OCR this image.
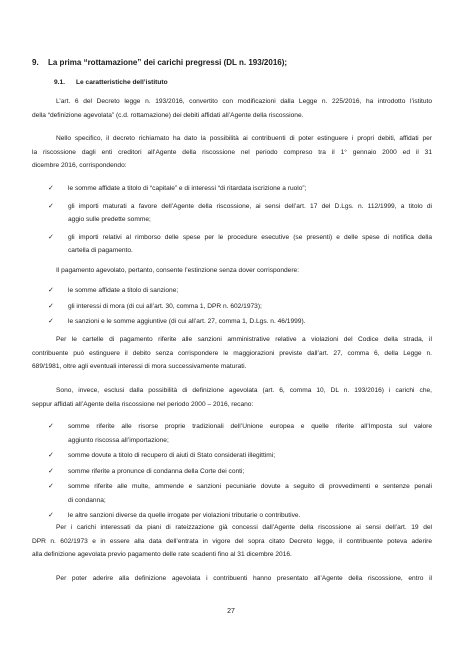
9. La prima “rottamazione” dei carichi pregressi (DL n. 193/2016);
9.1. Le caratteristiche dell’istituto
L’art. 6 del Decreto legge n. 193/2016, convertito con modificazioni dalla Legge n. 225/2016, ha introdotto l’istituto
della “definizione agevolata” (c.d. rottamazione) dei debiti affidati all’Agente della riscossione.
Nello specifico, il decreto richiamato ha dato la possibilità ai contribuenti di poter estinguere i propri debiti, affidati per
la riscossione dagli enti creditori all’Agente della riscossione nel periodo compreso tra il 1° gennaio 2000 ed il 31
dicembre 2016, corrispondendo:
✓ le somme affidate a titolo di “capitale” e di interessi “di ritardata iscrizione a ruolo”;
✓ gli importi maturati a favore dell’Agente della riscossione, ai sensi dell’art. 17 del D.Lgs. n. 112/1999, a titolo di
aggio sulle predette somme;
✓ gli importi relativi al rimborso delle spese per le procedure esecutive (se presenti) e delle spese di notifica della
cartella di pagamento.
Il pagamento agevolato, pertanto, consente l’estinzione senza dover corrispondere:
✓ le somme affidate a titolo di sanzione;
✓ gli interessi di mora (di cui all’art. 30, comma 1, DPR n. 602/1973);
✓ le sanzioni e le somme aggiuntive (di cui all’art. 27, comma 1, D.Lgs. n. 46/1999).
Per le cartelle di pagamento riferite alle sanzioni amministrative relative a violazioni del Codice della strada, il
contribuente può estinguere il debito senza corrispondere le maggiorazioni previste dall’art. 27, comma 6, della Legge n.
689/1981, oltre agli eventuali interessi di mora successivamente maturati.
Sono, invece, esclusi dalla possibilità di definizione agevolata (art. 6, comma 10, DL n. 193/2016) i carichi che,
seppur affidati all’Agente della riscossione nel periodo 2000 – 2016, recano:
✓ somme riferite alle risorse proprie tradizionali dell’Unione europea e quelle riferite all’Imposta sul valore
aggiunto riscossa all’importazione;
✓ somme dovute a titolo di recupero di aiuti di Stato considerati illegittimi;
✓ somme riferite a pronunce di condanna della Corte dei conti;
✓ somme riferite alle multe, ammende e sanzioni pecuniarie dovute a seguito di provvedimenti e sentenze penali
di condanna;
✓ le altre sanzioni diverse da quelle irrogate per violazioni tributarie o contributive.
Per i carichi interessati da piani di rateizzazione già concessi dall’Agente della riscossione ai sensi dell’art. 19 del
DPR n. 602/1973 e in essere alla data dell’entrata in vigore del sopra citato Decreto legge, il contribuente poteva aderire
alla definizione agevolata previo pagamento delle rate scadenti fino al 31 dicembre 2016.
Per poter aderire alla definizione agevolata i contribuenti hanno presentato all’Agente della riscossione, entro il
27
